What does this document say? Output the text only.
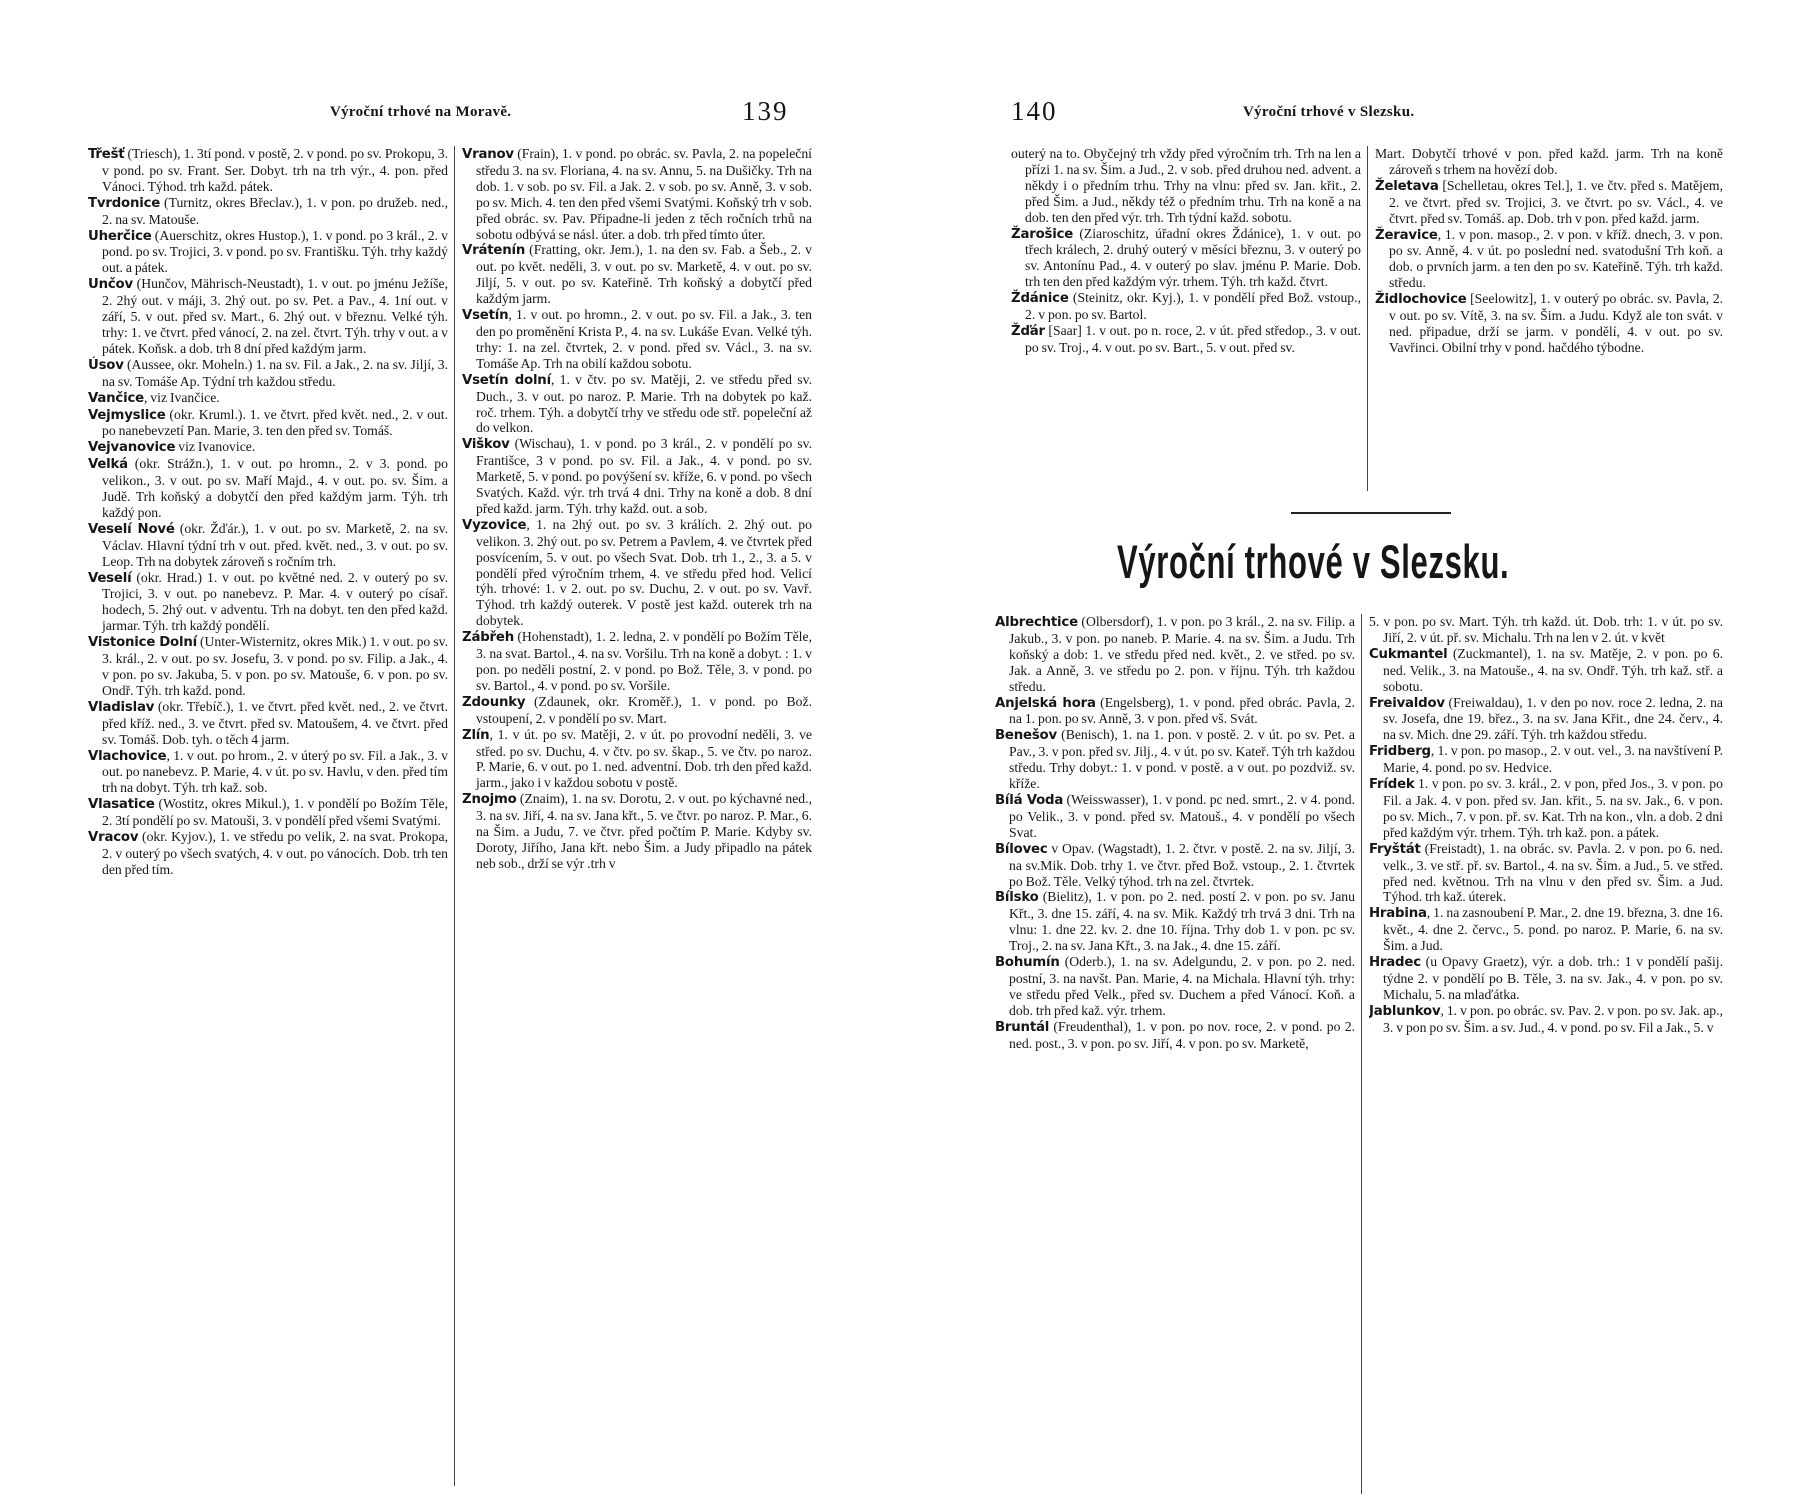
Výroční trhové na Moravě.	139

Třešť (Triesch), 1. 3tí pond. v postě, 2. v pond. po sv. Prokopu, 3. v pond. po sv. Frant. Ser. Dobyt. trh na trh výr., 4. pon. před Vánoci. Týhod. trh každ. pátek.

Tvrdonice (Turnitz, okres Břeclav.), 1. v pon. po družeb. ned., 2. na sv. Matouše.

Uherčice (Auerschitz, okres Hustop.), 1. v pond. po 3 král., 2. v pond. po sv. Trojici, 3. v pond. po sv. Františku. Týh. trhy každý out. a pátek.

Unčov (Hunčov, Mährisch-Neustadt), 1. v out. po jménu Ježíše, 2. 2hý out. v máji, 3. 2hý out. po sv. Pet. a Pav., 4. 1ní out. v září, 5. v out. před sv. Mart., 6. 2hý out. v březnu. Velké týh. trhy: 1. ve čtvrt. před vánocí, 2. na zel. čtvrt. Týh. trhy v out. a v pátek. Koňsk. a dob. trh 8 dní před každým jarm.

Úsov (Aussee, okr. Moheln.) 1. na sv. Fil. a Jak., 2. na sv. Jiljí, 3. na sv. Tomáše Ap. Týdní trh každou středu.

Vančice, viz Ivančice.

Vejmyslice (okr. Kruml.). 1. ve čtvrt. před květ. ned., 2. v out. po nanebevzetí Pan. Marie, 3. ten den před sv. Tomáš.

Vejvanovice viz Ivanovice.

Velká (okr. Strážn.), 1. v out. po hromn., 2. v 3. pond. po velikon., 3. v out. po sv. Maří Majd., 4. v out. po. sv. Šim. a Judě. Trh koňský a dobytčí den před každým jarm. Týh. trh každý pon.

Veselí Nové (okr. Žďár.), 1. v out. po sv. Marketě, 2. na sv. Václav. Hlavní týdní trh v out. před. květ. ned., 3. v out. po sv. Leop. Trh na dobytek zároveň s ročním trh.

Veselí (okr. Hrad.) 1. v out. po květné ned. 2. v outerý po sv. Trojici, 3. v out. po nanebevz. P. Mar. 4. v outerý po císař. hodech, 5. 2hý out. v adventu. Trh na dobyt. ten den před každ. jarmar. Týh. trh každý pondělí.

Vistonice Dolní (Unter-Wisternitz, okres Mik.) 1. v out. po sv. 3. král., 2. v out. po sv. Josefu, 3. v pond. po sv. Filip. a Jak., 4. v pon. po sv. Jakuba, 5. v pon. po sv. Matouše, 6. v pon. po sv. Ondř. Týh. trh každ. pond.

Vladislav (okr. Třebíč.), 1. ve čtvrt. před květ. ned., 2. ve čtvrt. před kříž. ned., 3. ve čtvrt. před sv. Matoušem, 4. ve čtvrt. před sv. Tomáš. Dob. tyh. o těch 4 jarm.

Vlachovice, 1. v out. po hrom., 2. v úterý po sv. Fil. a Jak., 3. v out. po nanebevz. P. Marie, 4. v út. po sv. Havlu, v den. před tím trh na dobyt. Týh. trh kaž. sob.

Vlasatice (Wostitz, okres Mikul.), 1. v pondělí po Božím Těle, 2. 3tí pondělí po sv. Matouši, 3. v pondělí před všemi Svatými.

Vracov (okr. Kyjov.), 1. ve středu po velik, 2. na svat. Prokopa, 2. v outerý po všech svatých, 4. v out. po vánocích. Dob. trh ten den před tím.

Vranov (Frain), 1. v pond. po obrác. sv. Pavla, 2. na popeleční středu 3. na sv. Floriana, 4. na sv. Annu, 5. na Dušičky. Trh na dob. 1. v sob. po sv. Fil. a Jak. 2. v sob. po sv. Anně, 3. v sob. po sv. Mich. 4. ten den před všemi Svatými. Koňský trh v sob. před obrác. sv. Pav. Připadne-li jeden z těch ročních trhů na sobotu odbývá se násl. úter. a dob. trh před tímto úter.

Vrátenín (Fratting, okr. Jem.), 1. na den sv. Fab. a Šeb., 2. v out. po květ. neděli, 3. v out. po sv. Marketě, 4. v out. po sv. Jiljí, 5. v out. po sv. Kateřině. Trh koňský a dobytčí před každým jarm.

Vsetín, 1. v out. po hromn., 2. v out. po sv. Fil. a Jak., 3. ten den po proměnění Krista P., 4. na sv. Lukáše Evan. Velké týh. trhy: 1. na zel. čtvrtek, 2. v pond. před sv. Václ., 3. na sv. Tomáše Ap. Trh na obilí každou sobotu.

Vsetín dolní, 1. v čtv. po sv. Matěji, 2. ve středu před sv. Duch., 3. v out. po naroz. P. Marie. Trh na dobytek po kaž. roč. trhem. Týh. a dobytčí trhy ve středu ode stř. popeleční až do velkon.

Viškov (Wischau), 1. v pond. po 3 král., 2. v pondělí po sv. Františce, 3 v pond. po sv. Fil. a Jak., 4. v pond. po sv. Marketě, 5. v pond. po povýšení sv. kříže, 6. v pond. po všech Svatých. Každ. výr. trh trvá 4 dni. Trhy na koně a dob. 8 dní před každ. jarm. Týh. trhy každ. out. a sob.

Vyzovice, 1. na 2hý out. po sv. 3 králích. 2. 2hý out. po velikon. 3. 2hý out. po sv. Petrem a Pavlem, 4. ve čtvrtek před posvícením, 5. v out. po všech Svat. Dob. trh 1., 2., 3. a 5. v pondělí před výročním trhem, 4. ve středu před hod. Velicí týh. trhové: 1. v 2. out. po sv. Duchu, 2. v out. po sv. Vavř. Týhod. trh každý outerek. V postě jest každ. outerek trh na dobytek.

Zábřeh (Hohenstadt), 1. 2. ledna, 2. v pondělí po Božím Těle, 3. na svat. Bartol., 4. na sv. Voršilu. Trh na koně a dobyt. : 1. v pon. po neděli postní, 2. v pond. po Bož. Těle, 3. v pond. po sv. Bartol., 4. v pond. po sv. Voršile.

Zdounky (Zdaunek, okr. Kroměř.), 1. v pond. po Bož. vstoupení, 2. v pondělí po sv. Mart.

Zlín, 1. v út. po sv. Matěji, 2. v út. po provodní neděli, 3. ve střed. po sv. Duchu, 4. v čtv. po sv. škap., 5. ve čtv. po naroz. P. Marie, 6. v out. po 1. ned. adventní. Dob. trh den před každ. jarm., jako i v každou sobotu v postě.

Znojmo (Znaim), 1. na sv. Dorotu, 2. v out. po kýchavné ned., 3. na sv. Jiří, 4. na sv. Jana křt., 5. ve čtvr. po naroz. P. Mar., 6. na Šim. a Judu, 7. ve čtvr. před počtím P. Marie. Kdyby sv. Doroty, Jiřího, Jana křt. nebo Šim. a Judy připadlo na pátek neb sob., drží se výr .trh v

140	Výroční trhové v Slezsku.

outerý na to. Obyčejný trh vždy před výročním trh. Trh na len a přízi 1. na sv. Šim. a Jud., 2. v sob. před druhou ned. advent. a někdy i o předním trhu. Trhy na vlnu: před sv. Jan. křit., 2. před Šim. a Jud., někdy též o předním trhu. Trh na koně a na dob. ten den před výr. trh. Trh týdní každ. sobotu.

Žarošice (Ziaroschitz, úřadní okres Ždánice), 1. v out. po třech králech, 2. druhý outerý v měsíci březnu, 3. v outerý po sv. Antonínu Pad., 4. v outerý po slav. jménu P. Marie. Dob. trh ten den před každým výr. trhem. Týh. trh každ. čtvrt.

Ždánice (Steinitz, okr. Kyj.), 1. v pondělí před Bož. vstoup., 2. v pon. po sv. Bartol.

Žďár [Saar] 1. v out. po n. roce, 2. v út. před středop., 3. v out. po sv. Troj., 4. v out. po sv. Bart., 5. v out. před sv.

Mart. Dobytčí trhové v pon. před každ. jarm. Trh na koně zároveň s trhem na hovězí dob.

Želetava [Schelletau, okres Tel.], 1. ve čtv. před s. Matějem, 2. ve čtvrt. před sv. Trojici, 3. ve čtvrt. po sv. Václ., 4. ve čtvrt. před sv. Tomáš. ap. Dob. trh v pon. před každ. jarm.

Žeravice, 1. v pon. masop., 2. v pon. v kříž. dnech, 3. v pon. po sv. Anně, 4. v út. po poslední ned. svatodušní Trh koň. a dob. o prvních jarm. a ten den po sv. Kateřině. Týh. trh každ. středu.

Židlochovice [Seelowitz], 1. v outerý po obrác. sv. Pavla, 2. v out. po sv. Vítě, 3. na sv. Šim. a Judu. Když ale ton svát. v ned. připadue, drží se jarm. v pondělí, 4. v out. po sv. Vavřinci. Obilní trhy v pond. hačdého týbodne.

Výroční trhové v Slezsku.

Albrechtice (Olbersdorf), 1. v pon. po 3 král., 2. na sv. Filip. a Jakub., 3. v pon. po naneb. P. Marie. 4. na sv. Šim. a Judu. Trh koňský a dob: 1. ve středu před ned. květ., 2. ve střed. po sv. Jak. a Anně, 3. ve středu po 2. pon. v říjnu. Týh. trh každou středu.

Anjelská hora (Engelsberg), 1. v pond. před obrác. Pavla, 2. na 1. pon. po sv. Anně, 3. v pon. před vš. Svát.

Benešov (Benisch), 1. na 1. pon. v postě. 2. v út. po sv. Pet. a Pav., 3. v pon. před sv. Jilj., 4. v út. po sv. Kateř. Týh trh každou středu. Trhy dobyt.: 1. v pond. v postě. a v out. po pozdviž. sv. kříže.

Bílá Voda (Weisswasser), 1. v pond. pc ned. smrt., 2. v 4. pond. po Velik., 3. v pond. před sv. Matouš., 4. v pondělí po všech Svat.

Bílovec v Opav. (Wagstadt), 1. 2. čtvr. v postě. 2. na sv. Jiljí, 3. na sv.Mik. Dob. trhy 1. ve čtvr. před Bož. vstoup., 2. 1. čtvrtek po Bož. Těle. Velký týhod. trh na zel. čtvrtek.

Bílsko (Bielitz), 1. v pon. po 2. ned. postí 2. v pon. po sv. Janu Křt., 3. dne 15. září, 4. na sv. Mik. Každý trh trvá 3 dni. Trh na vlnu: 1. dne 22. kv. 2. dne 10. října. Trhy dob 1. v pon. pc sv. Troj., 2. na sv. Jana Křt., 3. na Jak., 4. dne 15. září.

Bohumín (Oderb.), 1. na sv. Adelgundu, 2. v pon. po 2. ned. postní, 3. na navšt. Pan. Marie, 4. na Michala. Hlavní týh. trhy: ve středu před Velk., před sv. Duchem a před Vánocí. Koň. a dob. trh před kaž. výr. trhem.

Bruntál (Freudenthal), 1. v pon. po nov. roce, 2. v pond. po 2. ned. post., 3. v pon. po sv. Jiří, 4. v pon. po sv. Marketě,

5. v pon. po sv. Mart. Týh. trh každ. út. Dob. trh: 1. v út. po sv. Jiří, 2. v út. př. sv. Michalu. Trh na len v 2. út. v květ

Cukmantel (Zuckmantel), 1. na sv. Matěje, 2. v pon. po 6. ned. Velik., 3. na Matouše., 4. na sv. Ondř. Týh. trh kaž. stř. a sobotu.

Freivaldov (Freiwaldau), 1. v den po nov. roce 2. ledna, 2. na sv. Josefa, dne 19. břez., 3. na sv. Jana Křit., dne 24. červ., 4. na sv. Mich. dne 29. září. Týh. trh každou středu.

Fridberg, 1. v pon. po masop., 2. v out. vel., 3. na navštívení P. Marie, 4. pond. po sv. Hedvice.

Frídek 1. v pon. po sv. 3. král., 2. v pon, před Jos., 3. v pon. po Fil. a Jak. 4. v pon. před sv. Jan. křit., 5. na sv. Jak., 6. v pon. po sv. Mich., 7. v pon. př. sv. Kat. Trh na kon., vln. a dob. 2 dni před každým výr. trhem. Týh. trh kaž. pon. a pátek.

Fryštát (Freistadt), 1. na obrác. sv. Pavla. 2. v pon. po 6. ned. velk., 3. ve stř. př. sv. Bartol., 4. na sv. Šim. a Jud., 5. ve střed. před ned. květnou. Trh na vlnu v den před sv. Šim. a Jud. Týhod. trh kaž. úterek.

Hrabina, 1. na zasnoubení P. Mar., 2. dne 19. března, 3. dne 16. květ., 4. dne 2. červc., 5. pond. po naroz. P. Marie, 6. na sv. Šim. a Jud.

Hradec (u Opavy Graetz), výr. a dob. trh.: 1 v pondělí pašij. týdne 2. v pondělí po B. Těle, 3. na sv. Jak., 4. v pon. po sv. Michalu, 5. na mlaďátka.

Jablunkov, 1. v pon. po obrác. sv. Pav. 2. v pon. po sv. Jak. ap., 3. v pon po sv. Šim. a sv. Jud., 4. v pond. po sv. Fil a Jak., 5. v
